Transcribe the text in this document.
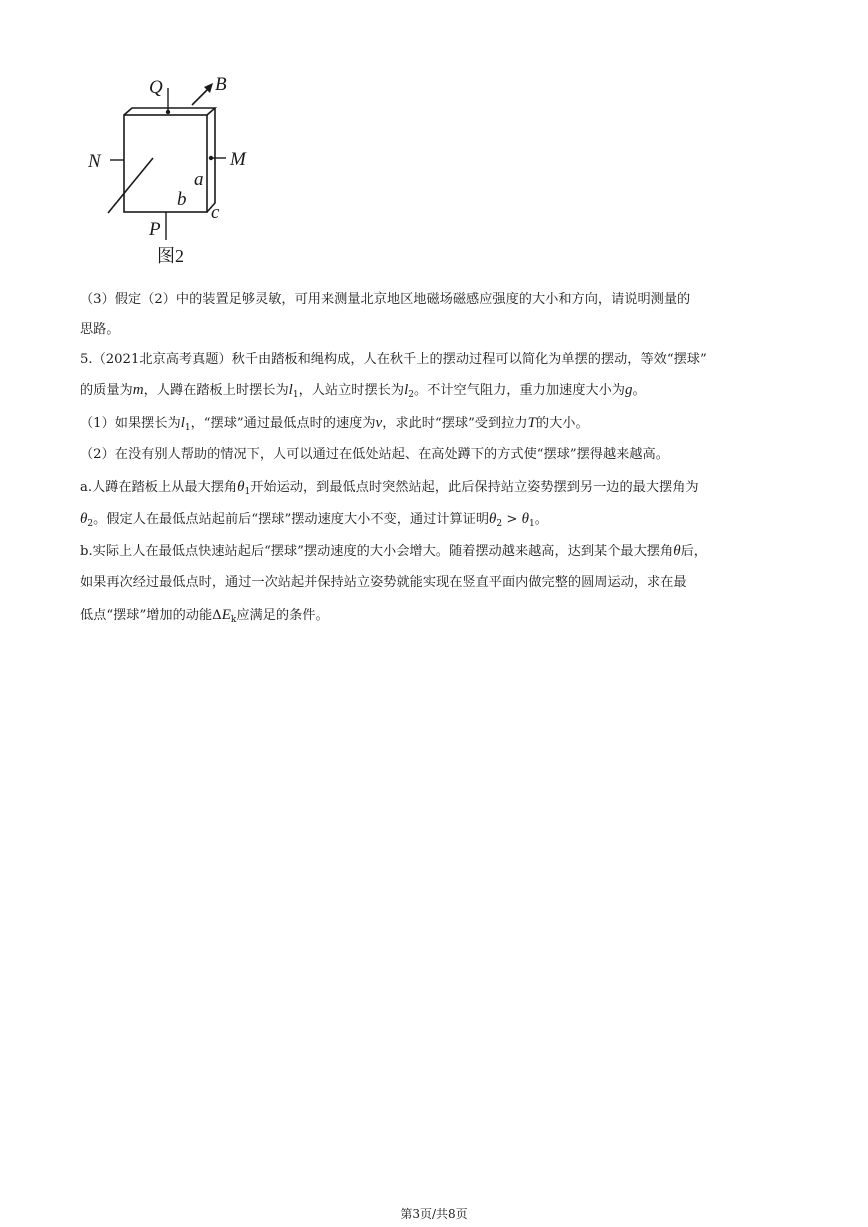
Q	B
N	M
a
b
c
P
图2
（3）假定（2）中的装置足够灵敏，可用来测量北京地区地磁场磁感应强度的大小和方向，请说明测量的
思路。
5.（2021北京高考真题）秋千由踏板和绳构成，人在秋千上的摆动过程可以简化为单摆的摆动，等效“摆球”
的质量为m，人蹲在踏板上时摆长为$l_1$，人站立时摆长为$l_2$。不计空气阻力，重力加速度大小为g。
（1）如果摆长为$l_1$，“摆球”通过最低点时的速度为v，求此时“摆球”受到拉力T的大小。
（2）在没有别人帮助的情况下，人可以通过在低处站起、在高处蹲下的方式使“摆球”摆得越来越高。
a.人蹲在踏板上从最大摆角$\theta_1$开始运动，到最低点时突然站起，此后保持站立姿势摆到另一边的最大摆角为
$\theta_2$。假定人在最低点站起前后“摆球”摆动速度大小不变，通过计算证明$\theta_2 > \theta_1$。
b.实际上人在最低点快速站起后“摆球”摆动速度的大小会增大。随着摆动越来越高，达到某个最大摆角θ后，
如果再次经过最低点时，通过一次站起并保持站立姿势就能实现在竖直平面内做完整的圆周运动，求在最
低点“摆球”增加的动能$\Delta E_k$应满足的条件。
第3页/共8页
